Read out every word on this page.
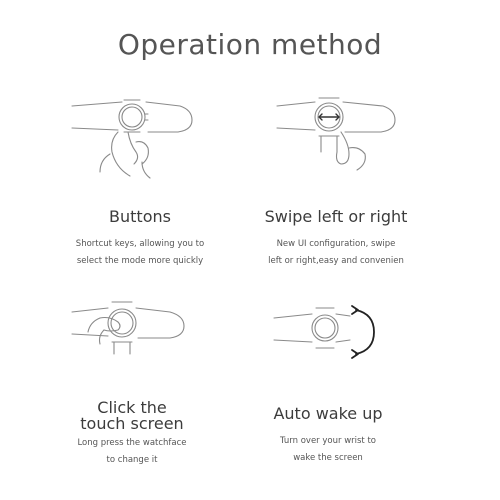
Operation method
Buttons
Shortcut keys, allowing you to
select the mode more quickly
Swipe left or right
New UI configuration, swipe
left or right,easy and convenien
Click the
touch screen
Long press the watchface
to change it
Auto wake up
Turn over your wrist to
wake the screen
